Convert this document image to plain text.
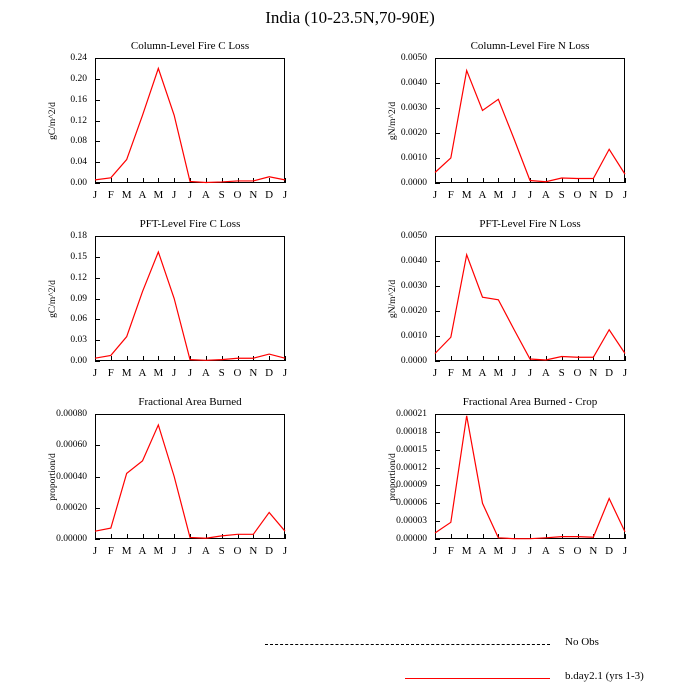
India (10-23.5N,70-90E)
Column-Level Fire C Loss
gC/m^2/d
0.00
0.04
0.08
0.12
0.16
0.20
0.24
J F M A M J J A S O N D J
Column-Level Fire N Loss
gN/m^2/d
0.0000
0.0010
0.0020
0.0030
0.0040
0.0050
J F M A M J J A S O N D J
PFT-Level Fire C Loss
gC/m^2/d
0.00
0.03
0.06
0.09
0.12
0.15
0.18
J F M A M J J A S O N D J
PFT-Level Fire N Loss
gN/m^2/d
0.0000
0.0010
0.0020
0.0030
0.0040
0.0050
J F M A M J J A S O N D J
Fractional Area Burned
proportion/d
0.00000
0.00020
0.00040
0.00060
0.00080
J F M A M J J A S O N D J
Fractional Area Burned - Crop
proportion/d
0.00000
0.00003
0.00006
0.00009
0.00012
0.00015
0.00018
0.00021
J F M A M J J A S O N D J
No Obs
b.day2.1 (yrs 1-3)
